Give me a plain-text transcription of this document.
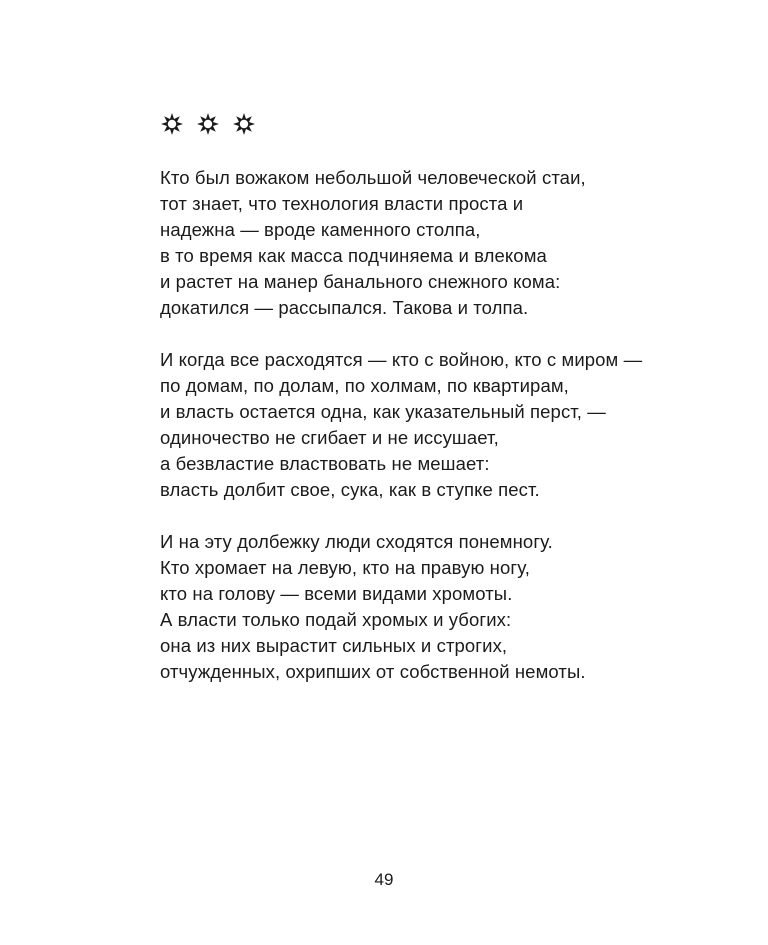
Кто был вожаком небольшой человеческой стаи,
тот знает, что технология власти проста и
надежна — вроде каменного столпа,
в то время как масса подчиняема и влекома
и растет на манер банального снежного кома:
докатился — рассыпался. Такова и толпа.
И когда все расходятся — кто с войною, кто с миром —
по домам, по долам, по холмам, по квартирам,
и власть остается одна, как указательный перст, —
одиночество не сгибает и не иссушает,
а безвластие властвовать не мешает:
власть долбит свое, сука, как в ступке пест.
И на эту долбежку люди сходятся понемногу.
Кто хромает на левую, кто на правую ногу,
кто на голову — всеми видами хромоты.
А власти только подай хромых и убогих:
она из них вырастит сильных и строгих,
отчужденных, охрипших от собственной немоты.
49
